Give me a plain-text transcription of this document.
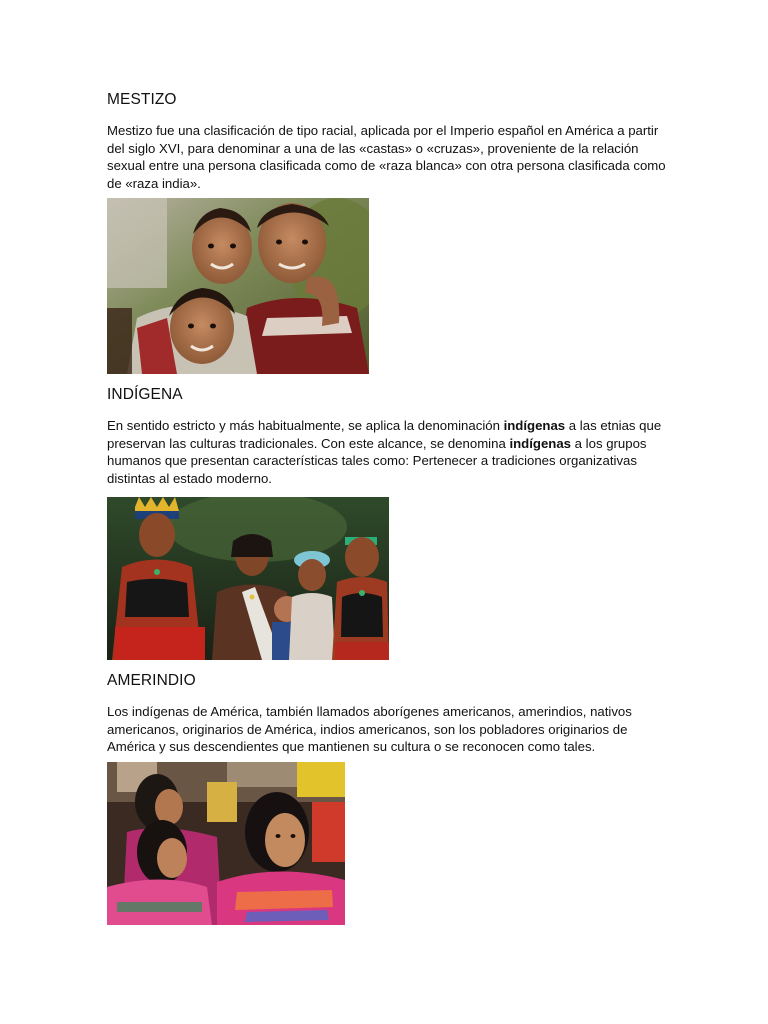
MESTIZO

Mestizo fue una clasificación de tipo racial, aplicada por el Imperio español en América a partir del siglo XVI, para denominar a una de las «castas» o «cruzas», proveniente de la relación sexual entre una persona clasificada como de «raza blanca» con otra persona clasificada como de «raza india».

INDÍGENA

En sentido estricto y más habitualmente, se aplica la denominación indígenas a las etnias que preservan las culturas tradicionales. Con este alcance, se denomina indígenas a los grupos humanos que presentan características tales como: Pertenecer a tradiciones organizativas distintas al estado moderno.

AMERINDIO

Los indígenas de América, también llamados aborígenes americanos, amerindios, nativos americanos, originarios de América, indios americanos, son los pobladores originarios de América y sus descendientes que mantienen su cultura o se reconocen como tales.
